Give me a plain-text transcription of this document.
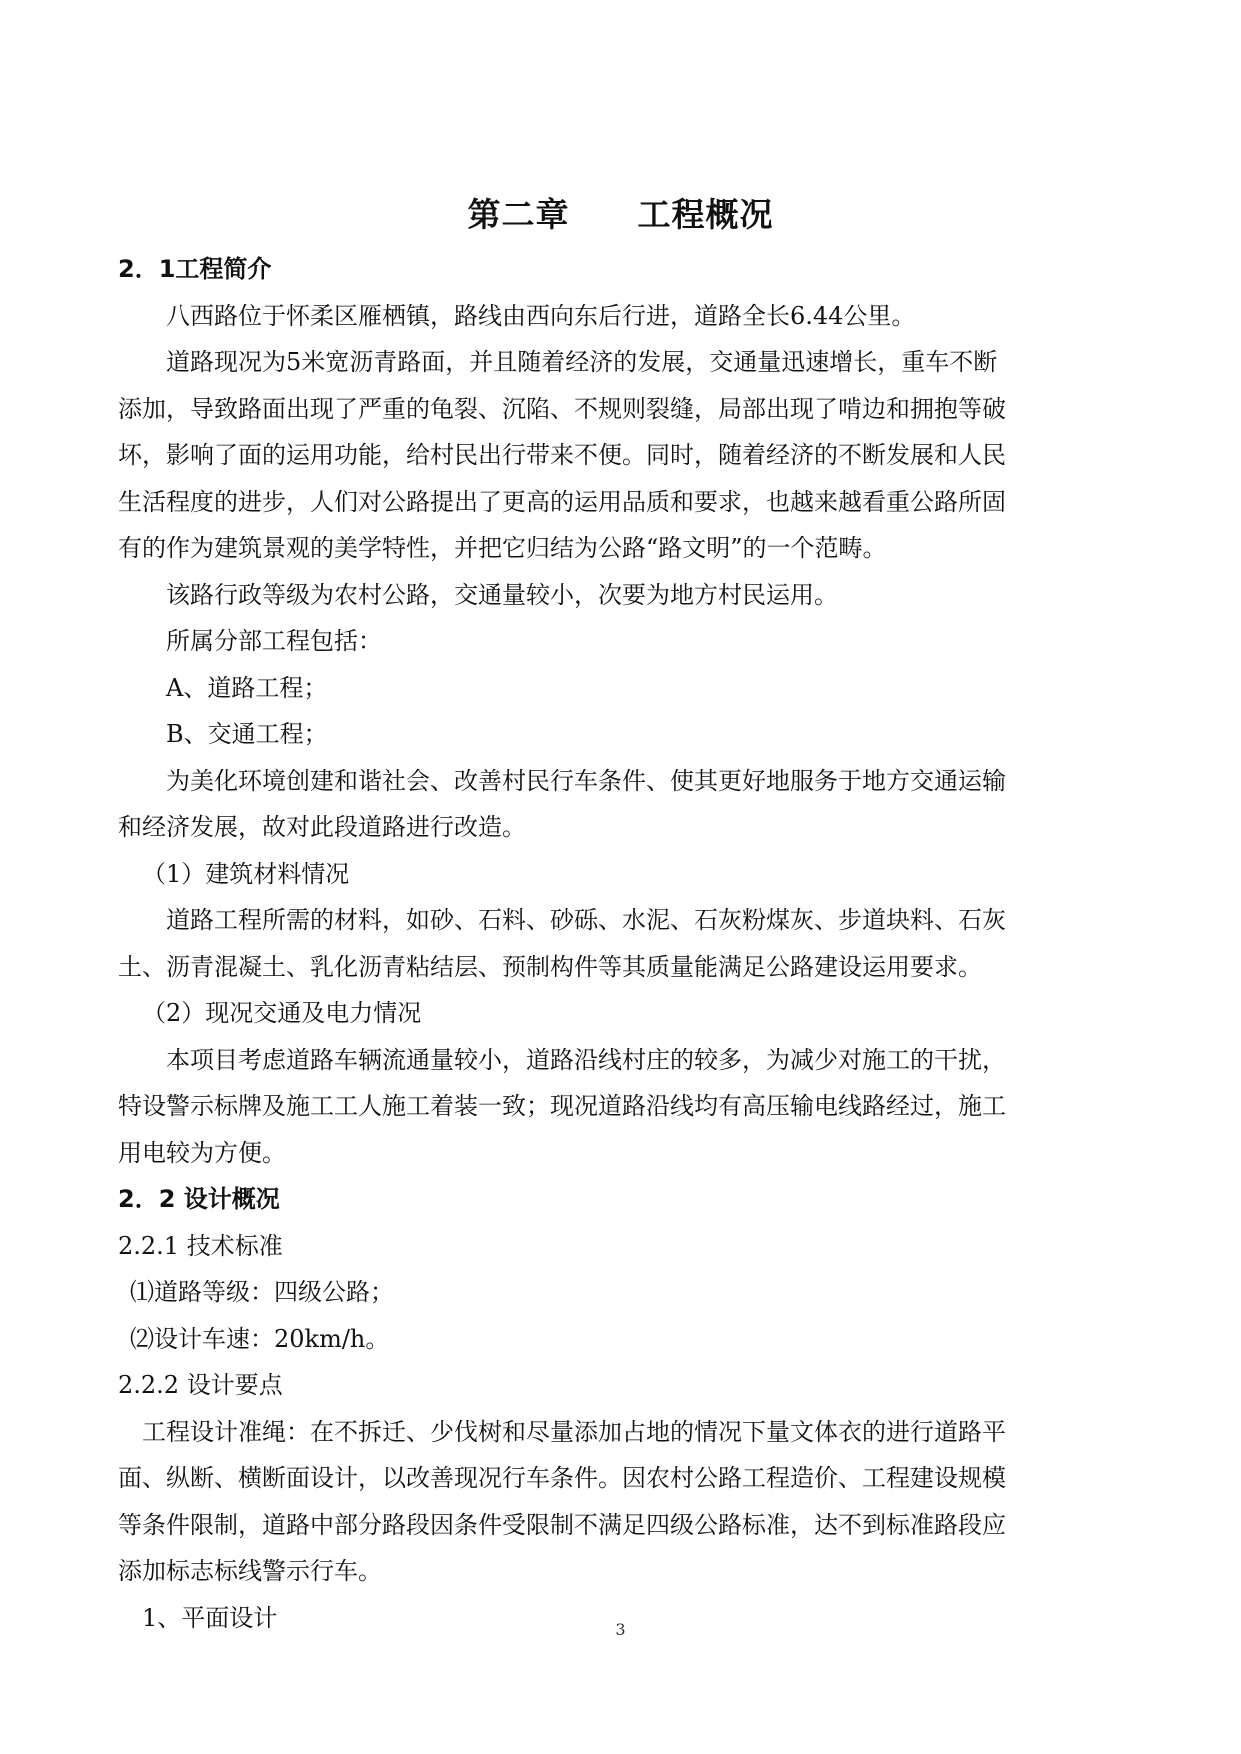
第二章　　工程概况

2．1工程简介

八西路位于怀柔区雁栖镇，路线由西向东后行进，道路全长6.44公里。

道路现况为5米宽沥青路面，并且随着经济的发展，交通量迅速增长，重车不断

添加，导致路面出现了严重的龟裂、沉陷、不规则裂缝，局部出现了啃边和拥抱等破

坏，影响了面的运用功能，给村民出行带来不便。同时，随着经济的不断发展和人民

生活程度的进步，人们对公路提出了更高的运用品质和要求，也越来越看重公路所固

有的作为建筑景观的美学特性，并把它归结为公路“路文明”的一个范畴。

该路行政等级为农村公路，交通量较小，次要为地方村民运用。

所属分部工程包括：

A、道路工程；

B、交通工程；

为美化环境创建和谐社会、改善村民行车条件、使其更好地服务于地方交通运输

和经济发展，故对此段道路进行改造。

（1）建筑材料情况

道路工程所需的材料，如砂、石料、砂砾、水泥、石灰粉煤灰、步道块料、石灰

土、沥青混凝土、乳化沥青粘结层、预制构件等其质量能满足公路建设运用要求。

（2）现况交通及电力情况

本项目考虑道路车辆流通量较小，道路沿线村庄的较多，为减少对施工的干扰，

特设警示标牌及施工工人施工着装一致；现况道路沿线均有高压输电线路经过，施工

用电较为方便。

2．2 设计概况

2.2.1 技术标准

⑴道路等级：四级公路；

⑵设计车速：20km/h。

2.2.2 设计要点

工程设计准绳：在不拆迁、少伐树和尽量添加占地的情况下量文体衣的进行道路平

面、纵断、横断面设计，以改善现况行车条件。因农村公路工程造价、工程建设规模

等条件限制，道路中部分路段因条件受限制不满足四级公路标准，达不到标准路段应

添加标志标线警示行车。

1、平面设计	3
